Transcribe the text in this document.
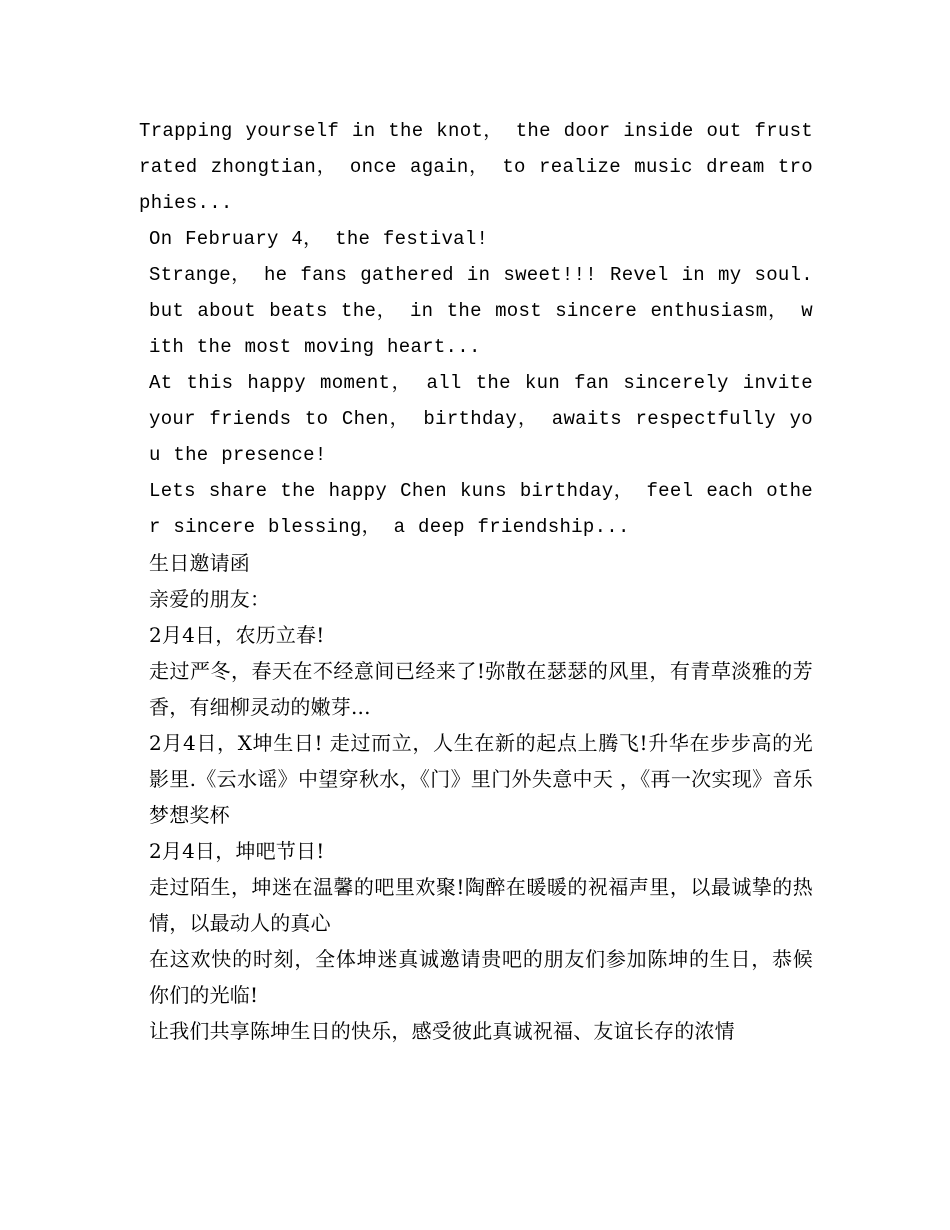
Trapping yourself in the knot， the door inside out frustrated zhongtian， once again， to realize music dream trophies...

On February 4， the festival!

Strange， he fans gathered in sweet!!! Revel in my soul.but about beats the， in the most sincere enthusiasm， with the most moving heart...

At this happy moment， all the kun fan sincerely invite your friends to Chen， birthday， awaits respectfully you the presence!

Lets share the happy Chen kuns birthday， feel each other sincere blessing， a deep friendship...

生日邀请函

亲爱的朋友：

2月4日，农历立春!

走过严冬，春天在不经意间已经来了!弥散在瑟瑟的风里，有青草淡雅的芳香，有细柳灵动的嫩芽...

2月4日，X坤生日! 走过而立，人生在新的起点上腾飞!升华在步步高的光影里.《云水谣》中望穿秋水，《门》里门外失意中天 ，《再一次实现》音乐梦想奖杯

2月4日，坤吧节日!

走过陌生，坤迷在温馨的吧里欢聚!陶醉在暖暖的祝福声里，以最诚挚的热情，以最动人的真心

在这欢快的时刻，全体坤迷真诚邀请贵吧的朋友们参加陈坤的生日，恭候你们的光临!

让我们共享陈坤生日的快乐，感受彼此真诚祝福、友谊长存的浓情
